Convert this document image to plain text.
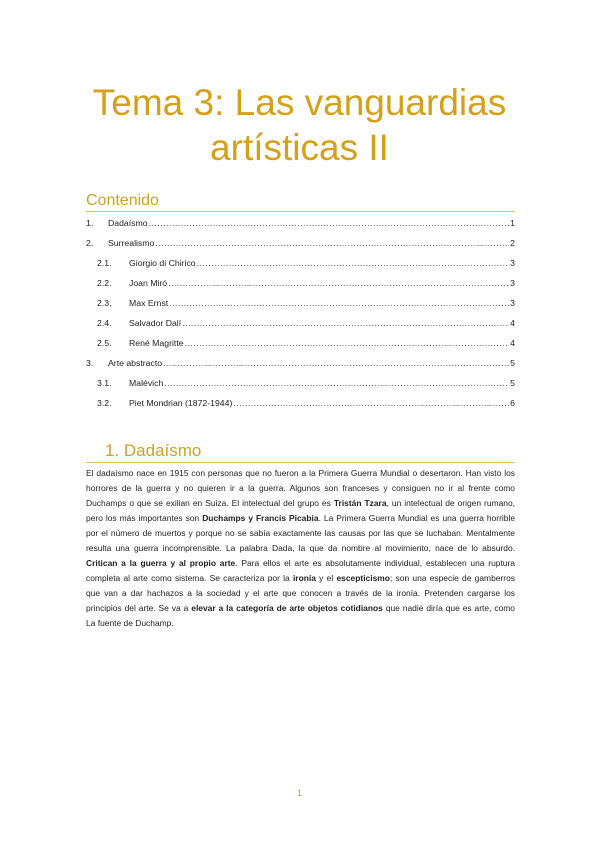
Tema 3: Las vanguardias artísticas II
Contenido
1.	Dadaísmo .....	1
2.	Surrealismo .....	2
2.1.	Giorgio di Chirico .....	3
2.2.	Joan Miró .....	3
2.3.	Max Ernst .....	3
2.4.	Salvador Dalí .....	4
2.5.	René Magritte .....	4
3.	Arte abstracto .....	5
3.1.	Malévich .....	5
3.2.	Piet Mondrian (1872-1944) .....	6
1. Dadaísmo

El dadaísmo nace en 1915 con personas que no fueron a la Primera Guerra Mundial o desertaron. Han visto los horrores de la guerra y no quieren ir a la guerra. Algunos son franceses y consiguen no ir al frente como Duchamps o que se exilian en Suiza. El intelectual del grupo es Tristán Tzara, un intelectual de origen rumano, pero los más importantes son Duchamps y Francis Picabia. La Primera Guerra Mundial es una guerra horrible por el número de muertos y porque no se sabía exactamente las causas por las que se luchaban. Mentalmente resulta una guerra incomprensible. La palabra Dada, la que da nombre al movimiento, nace de lo absurdo. Critican a la guerra y al propio arte. Para ellos el arte es absolutamente individual, establecen una ruptura completa al arte como sistema. Se caracteriza por la ironía y el escepticismo; son una especie de gamberros que van a dar hachazos a la sociedad y el arte que conocen a través de la ironía. Pretenden cargarse los principios del arte. Se va a elevar a la categoría de arte objetos cotidianos que nadie diría que es arte, como La fuente de Duchamp.

1
